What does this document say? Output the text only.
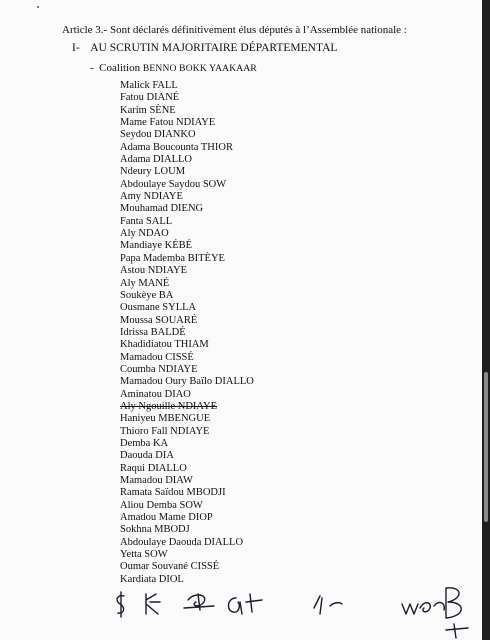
Article 3.- Sont déclarés définitivement élus députés à l’Assemblée nationale :
I- AU SCRUTIN MAJORITAIRE DÉPARTEMENTAL
- Coalition BENNO BOKK YAAKAAR
Malick FALL
Fatou DIANÉ
Karim SÈNE
Mame Fatou NDIAYE
Seydou DIANKO
Adama Boucounta THIOR
Adama DIALLO
Ndeury LOUM
Abdoulaye Saydou SOW
Amy NDIAYE
Mouhamad DIENG
Fanta SALL
Aly NDAO
Mandiaye KÉBÉ
Papa Mademba BITÈYE
Astou NDIAYE
Aly MANÉ
Soukèye BA
Ousmane SYLLA
Moussa SOUARÉ
Idrissa BALDÉ
Khadidiatou THIAM
Mamadou CISSÉ
Coumba NDIAYE
Mamadou Oury Baïlo DIALLO
Aminatou DIAO
Aly Ngouille NDIAYE
Haniyeu MBENGUE
Thioro Fall NDIAYE
Demba KA
Daouda DIA
Raqui DIALLO
Mamadou DIAW
Ramata Saïdou MBODJI
Aliou Demba SOW
Amadou Mame DIOP
Sokhna MBODJ
Abdoulaye Daouda DIALLO
Yetta SOW
Oumar Souvané CISSÉ
Kardiata DIOL
